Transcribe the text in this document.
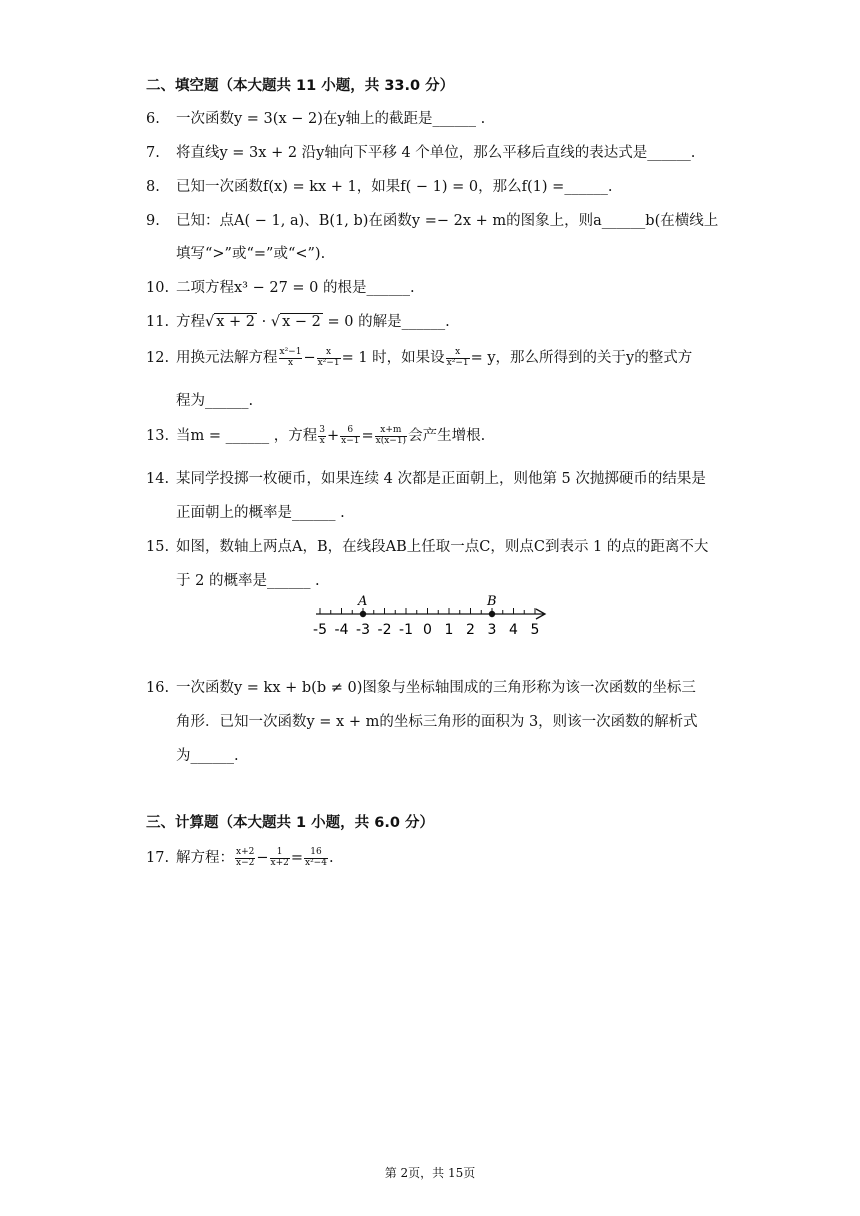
二、填空题（本大题共 11 小题，共 33.0 分）
6. 一次函数y = 3(x − 2)在y轴上的截距是______ .
7. 将直线y = 3x + 2 沿y轴向下平移 4 个单位，那么平移后直线的表达式是______.
8. 已知一次函数f(x) = kx + 1，如果f( − 1) = 0，那么f(1) =______.
9. 已知：点A( − 1, a)、B(1, b)在函数y =− 2x + m的图象上，则a______b(在横线上
填写“>”或“=”或“<”).
10. 二项方程x³ − 27 = 0 的根是______.
11. 方程√ x + 2 · √ x − 2 = 0 的解是______.
12. 用换元法解方程 $\frac{\text{x²−1}}{x} - \frac{x}{\text{x²−1}} = 1$ 时，如果设 $\frac{x}{\text{x²−1}} = y$，那么所得到的关于y的整式方
程为______.
13. 当m = ______ ，方程 $\frac{3}{x} + \frac{6}{x-1} = \frac{x+m}{x(x-1)}$ 会产生增根.
14. 某同学投掷一枚硬币，如果连续 4 次都是正面朝上，则他第 5 次抛掷硬币的结果是
正面朝上的概率是______ .
15. 如图，数轴上两点A，B，在线段AB上任取一点C，则点C到表示 1 的点的距离不大
于 2 的概率是______ .
-5 -4 -3 -2 -1 0 1 2 3 4 5
A	B
16. 一次函数y = kx + b(b ≠ 0)图象与坐标轴围成的三角形称为该一次函数的坐标三
角形．已知一次函数y = x + m的坐标三角形的面积为 3，则该一次函数的解析式
为______.
三、计算题（本大题共 1 小题，共 6.0 分）
17. 解方程： $\frac{x+2}{x-2} - \frac{1}{x+2} = \frac{16}{\text{x²−4}}$ .
第 2页，共 15页
